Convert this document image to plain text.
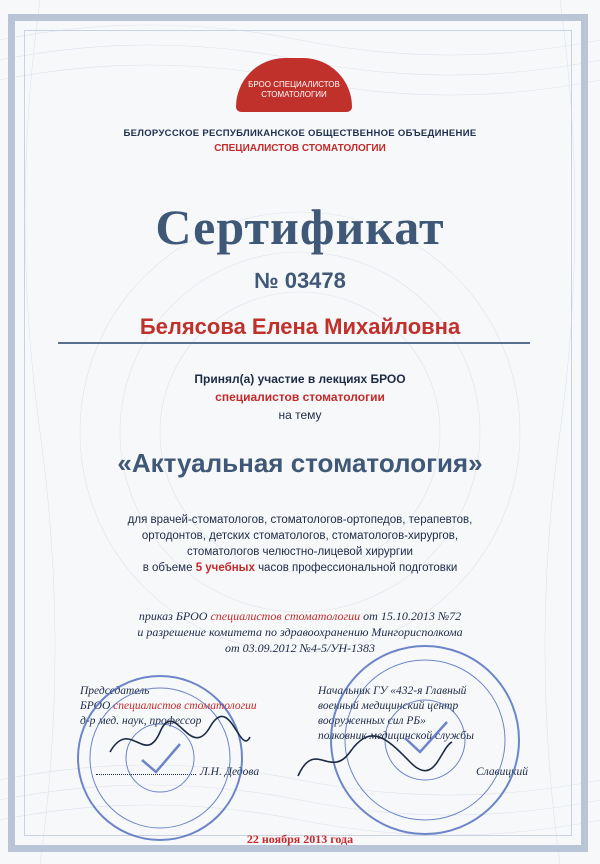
БРОО СПЕЦИАЛИСТОВ
СТОМАТОЛОГИИ
БЕЛОРУССКОЕ РЕСПУБЛИКАНСКОЕ ОБЩЕСТВЕННОЕ ОБЪЕДИНЕНИЕ
СПЕЦИАЛИСТОВ СТОМАТОЛОГИИ
Сертификат
№ 03478
Белясова Елена Михайловна
Принял(а) участие в лекциях БРОО
специалистов стоматологии
на тему
«Актуальная стоматология»
для врачей-стоматологов, стоматологов-ортопедов, терапевтов,
ортодонтов, детских стоматологов, стоматологов-хирургов,
стоматологов челюстно-лицевой хирургии
в объеме 5 учебных часов профессиональной подготовки
приказ БРОО специалистов стоматологии от 15.10.2013 №72
и разрешение комитета по здравоохранению Мингорисполкома
от 03.09.2012 №4-5/УН-1383
Председатель
БРОО специалистов стоматологии
д-р мед. наук, профессор
Л.Н. Дедова
Начальник ГУ «432-я Главный
военный медицинский центр
вооруженных сил РБ»
полковник медицинской службы
Славицкий
22 ноября 2013 года
